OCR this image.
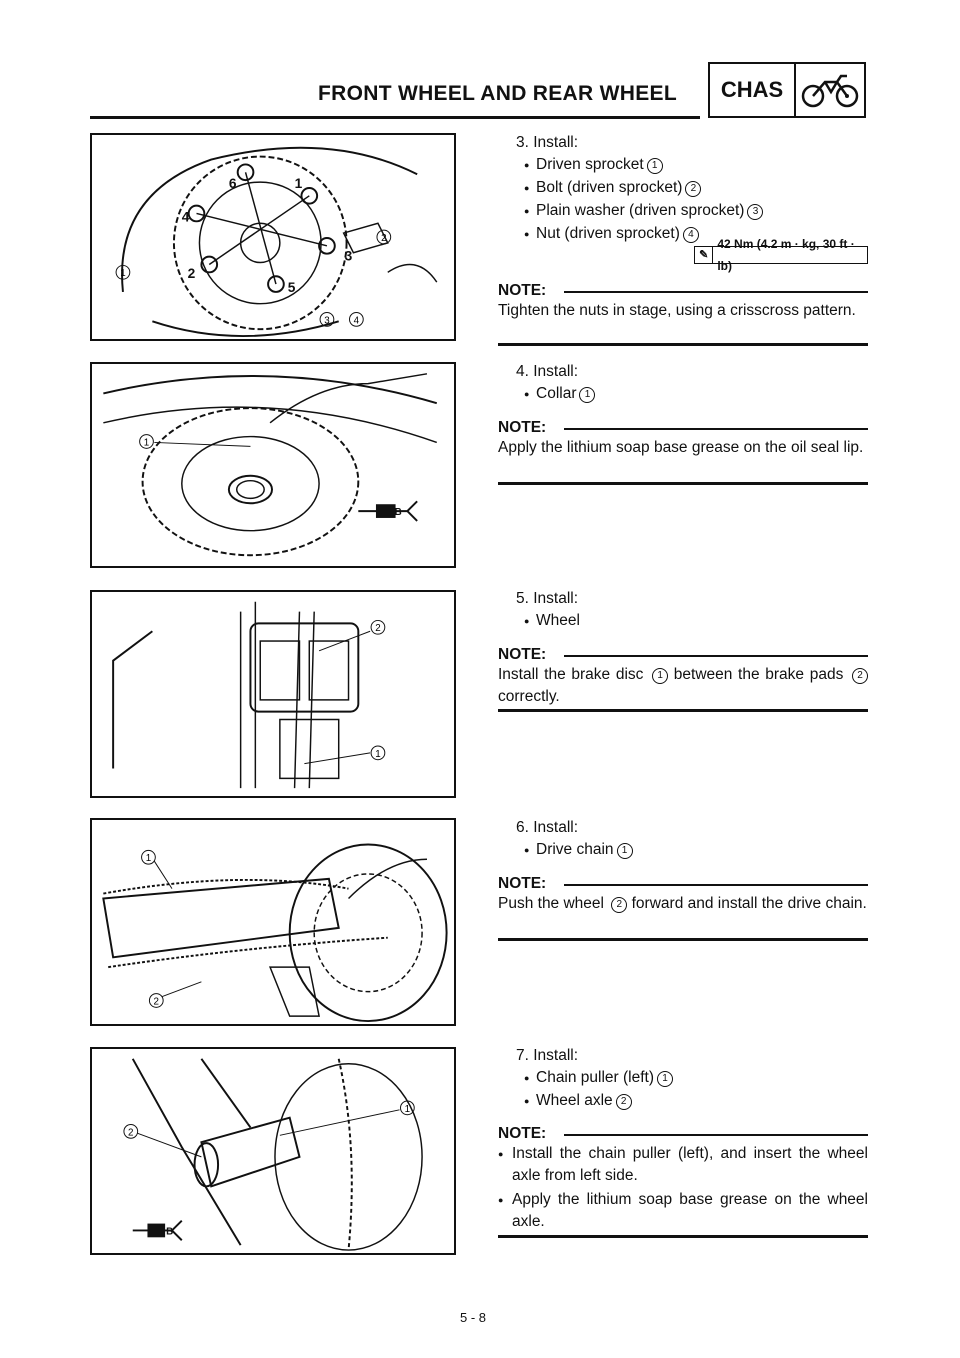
FRONT WHEEL AND REAR WHEEL	CHAS
6	1
4
2
5
3
1
2
3 4
B
1
2
1
1
2
B
1
2
3. Install:
● Driven sprocket 1
● Bolt (driven sprocket) 2
● Plain washer (driven sprocket) 3
● Nut (driven sprocket) 4
✎
42 Nm (4.2 m · kg, 30 ft · lb)
NOTE:
Tighten the nuts in stage, using a crisscross pattern.
4. Install:
● Collar 1
NOTE:
Apply the lithium soap base grease on the oil seal lip.
5. Install:
● Wheel
NOTE:
Install the brake disc 1 between the brake pads 2 correctly.
6. Install:
● Drive chain 1
NOTE:
Push the wheel 2 forward and install the drive chain.
7. Install:
● Chain puller (left) 1
● Wheel axle 2
NOTE:
Install the chain puller (left), and insert the wheel axle from left side.
●
Apply the lithium soap base grease on the wheel axle.
●
5 - 8
